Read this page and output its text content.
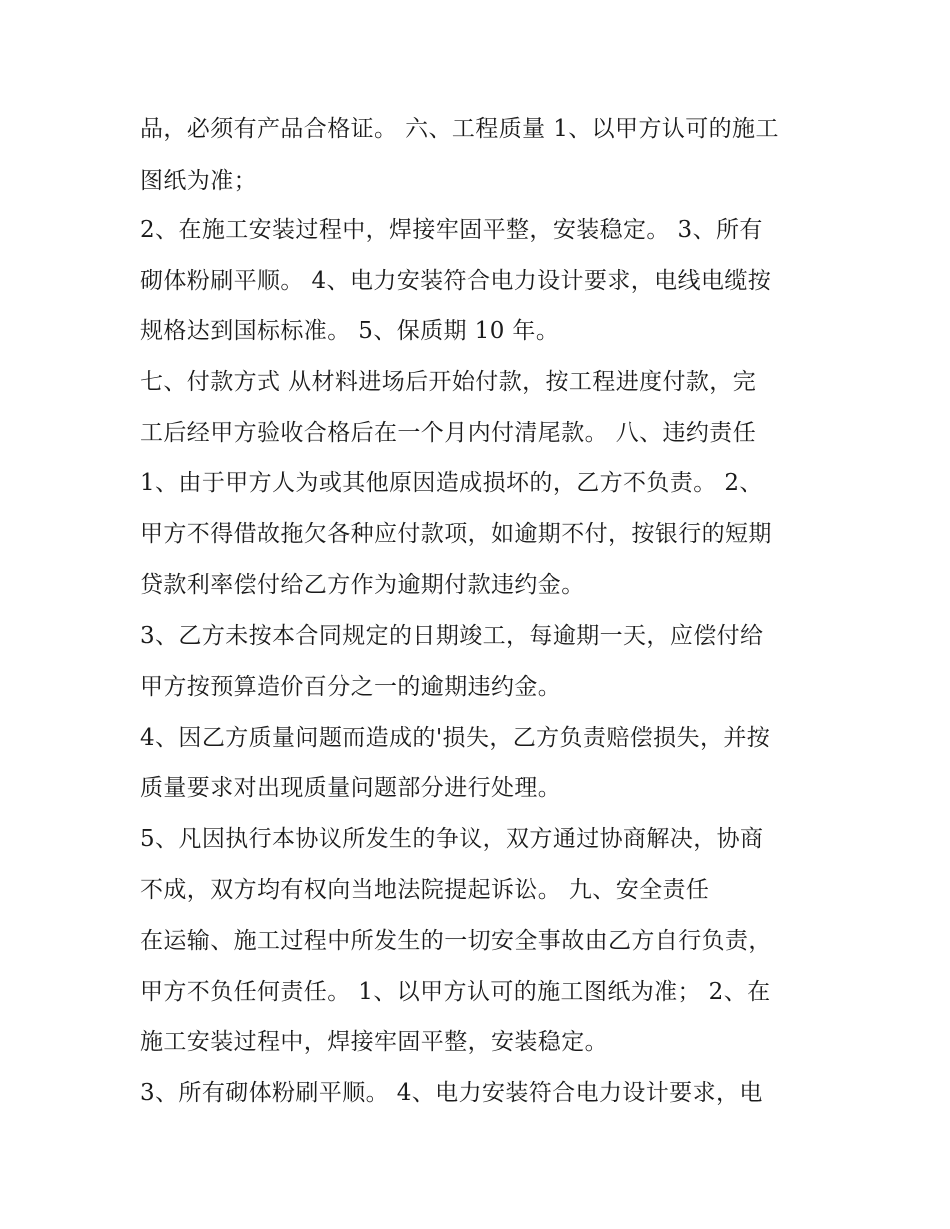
品，必须有产品合格证。 六、工程质量 1、以甲方认可的施工
图纸为准；
2、在施工安装过程中，焊接牢固平整，安装稳定。 3、所有
砌体粉刷平顺。 4、电力安装符合电力设计要求，电线电缆按
规格达到国标标准。 5、保质期 10 年。
七、付款方式 从材料进场后开始付款，按工程进度付款，完
工后经甲方验收合格后在一个月内付清尾款。 八、违约责任
1、由于甲方人为或其他原因造成损坏的，乙方不负责。 2、
甲方不得借故拖欠各种应付款项，如逾期不付，按银行的短期
贷款利率偿付给乙方作为逾期付款违约金。
3、乙方未按本合同规定的日期竣工，每逾期一天，应偿付给
甲方按预算造价百分之一的逾期违约金。
4、因乙方质量问题而造成的'损失，乙方负责赔偿损失，并按
质量要求对出现质量问题部分进行处理。
5、凡因执行本协议所发生的争议，双方通过协商解决，协商
不成，双方均有权向当地法院提起诉讼。 九、安全责任
在运输、施工过程中所发生的一切安全事故由乙方自行负责，
甲方不负任何责任。 1、以甲方认可的施工图纸为准； 2、在
施工安装过程中，焊接牢固平整，安装稳定。
3、所有砌体粉刷平顺。 4、电力安装符合电力设计要求，电
